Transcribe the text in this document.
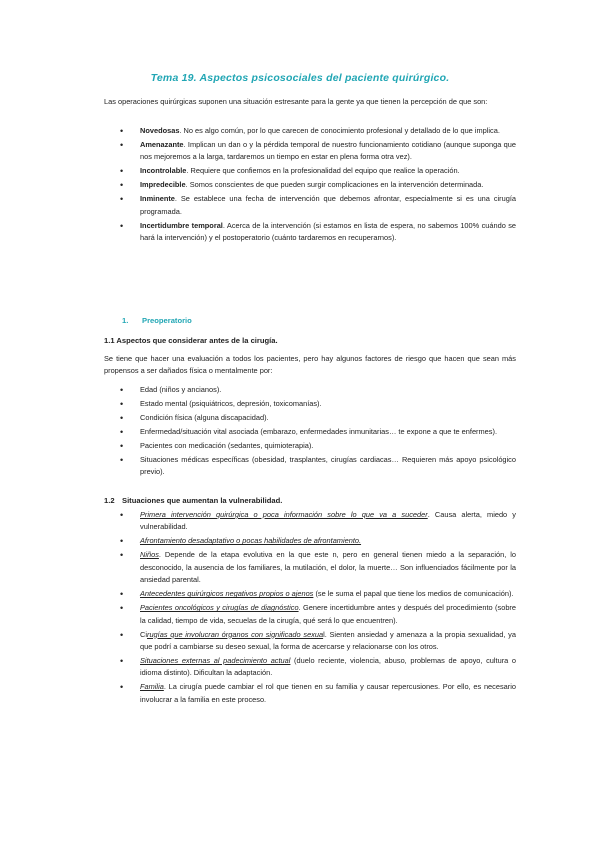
Tema 19. Aspectos psicosociales del paciente quirúrgico.
Las operaciones quirúrgicas suponen una situación estresante para la gente ya que tienen la percepción de que son:
• Novedosas. No es algo común, por lo que carecen de conocimiento profesional y detallado de lo que implica.
• Amenazante. Implican un dan o y la pérdida temporal de nuestro funcionamiento cotidiano (aunque suponga que nos mejoremos a la larga, tardaremos un tiempo en estar en plena forma otra vez).
• Incontrolable. Requiere que confiemos en la profesionalidad del equipo que realice la operación.
• Impredecible. Somos conscientes de que pueden surgir complicaciones en la intervención determinada.
• Inminente. Se establece una fecha de intervención que debemos afrontar, especialmente si es una cirugía programada.
• Incertidumbre temporal. Acerca de la intervención (si estamos en lista de espera, no sabemos 100% cuándo se hará la intervención) y el postoperatorio (cuánto tardaremos en recuperarnos).
1. Preoperatorio
1.1 Aspectos que considerar antes de la cirugía.
Se tiene que hacer una evaluación a todos los pacientes, pero hay algunos factores de riesgo que hacen que sean más propensos a ser dañados física o mentalmente por:
• Edad (niños y ancianos).
• Estado mental (psiquiátricos, depresión, toxicomanías).
• Condición física (alguna discapacidad).
• Enfermedad/situación vital asociada (embarazo, enfermedades inmunitarias… te expone a que te enfermes).
• Pacientes con medicación (sedantes, quimioterapia).
• Situaciones médicas específicas (obesidad, trasplantes, cirugías cardiacas… Requieren más apoyo psicológico previo).
1.2 Situaciones que aumentan la vulnerabilidad.
• Primera intervención quirúrgica o poca información sobre lo que va a suceder. Causa alerta, miedo y vulnerabilidad.
• Afrontamiento desadaptativo o pocas habilidades de afrontamiento.
• Niños. Depende de la etapa evolutiva en la que este n, pero en general tienen miedo a la separación, lo desconocido, la ausencia de los familiares, la mutilación, el dolor, la muerte… Son influenciados fácilmente por la ansiedad parental.
• Antecedentes quirúrgicos negativos propios o ajenos (se le suma el papal que tiene los medios de comunicación).
• Pacientes oncológicos y cirugías de diagnóstico. Genere incertidumbre antes y después del procedimiento (sobre la calidad, tiempo de vida, secuelas de la cirugía, qué será lo que encuentren).
• Cirugías que involucran órganos con significado sexual. Sienten ansiedad y amenaza a la propia sexualidad, ya que podrí a cambiarse su deseo sexual, la forma de acercarse y relacionarse con los otros.
• Situaciones externas al padecimiento actual (duelo reciente, violencia, abuso, problemas de apoyo, cultura o idioma distinto). Dificultan la adaptación.
• Familia. La cirugía puede cambiar el rol que tienen en su familia y causar repercusiones. Por ello, es necesario involucrar a la familia en este proceso.
